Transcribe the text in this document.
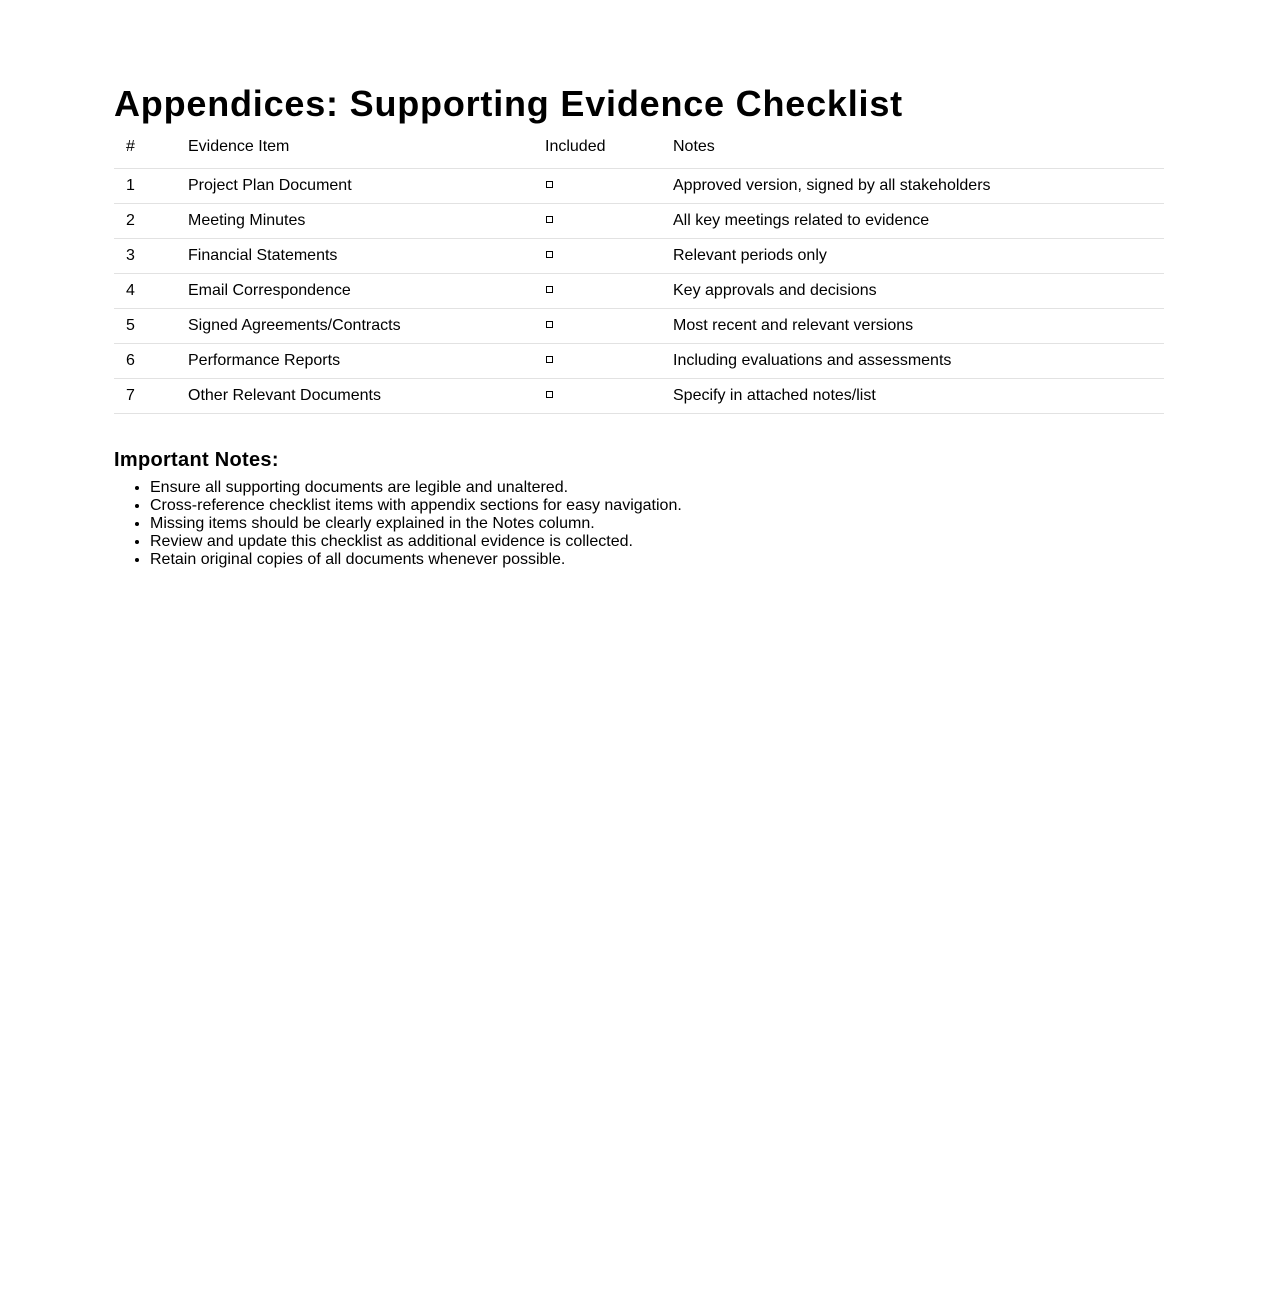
Appendices: Supporting Evidence Checklist
#	Evidence Item	Included	Notes
1	Project Plan Document		Approved version, signed by all stakeholders
2	Meeting Minutes		All key meetings related to evidence
3	Financial Statements		Relevant periods only
4	Email Correspondence		Key approvals and decisions
5	Signed Agreements/Contracts		Most recent and relevant versions
6	Performance Reports		Including evaluations and assessments
7	Other Relevant Documents		Specify in attached notes/list
Important Notes:
• Ensure all supporting documents are legible and unaltered.
• Cross-reference checklist items with appendix sections for easy navigation.
• Missing items should be clearly explained in the Notes column.
• Review and update this checklist as additional evidence is collected.
• Retain original copies of all documents whenever possible.
